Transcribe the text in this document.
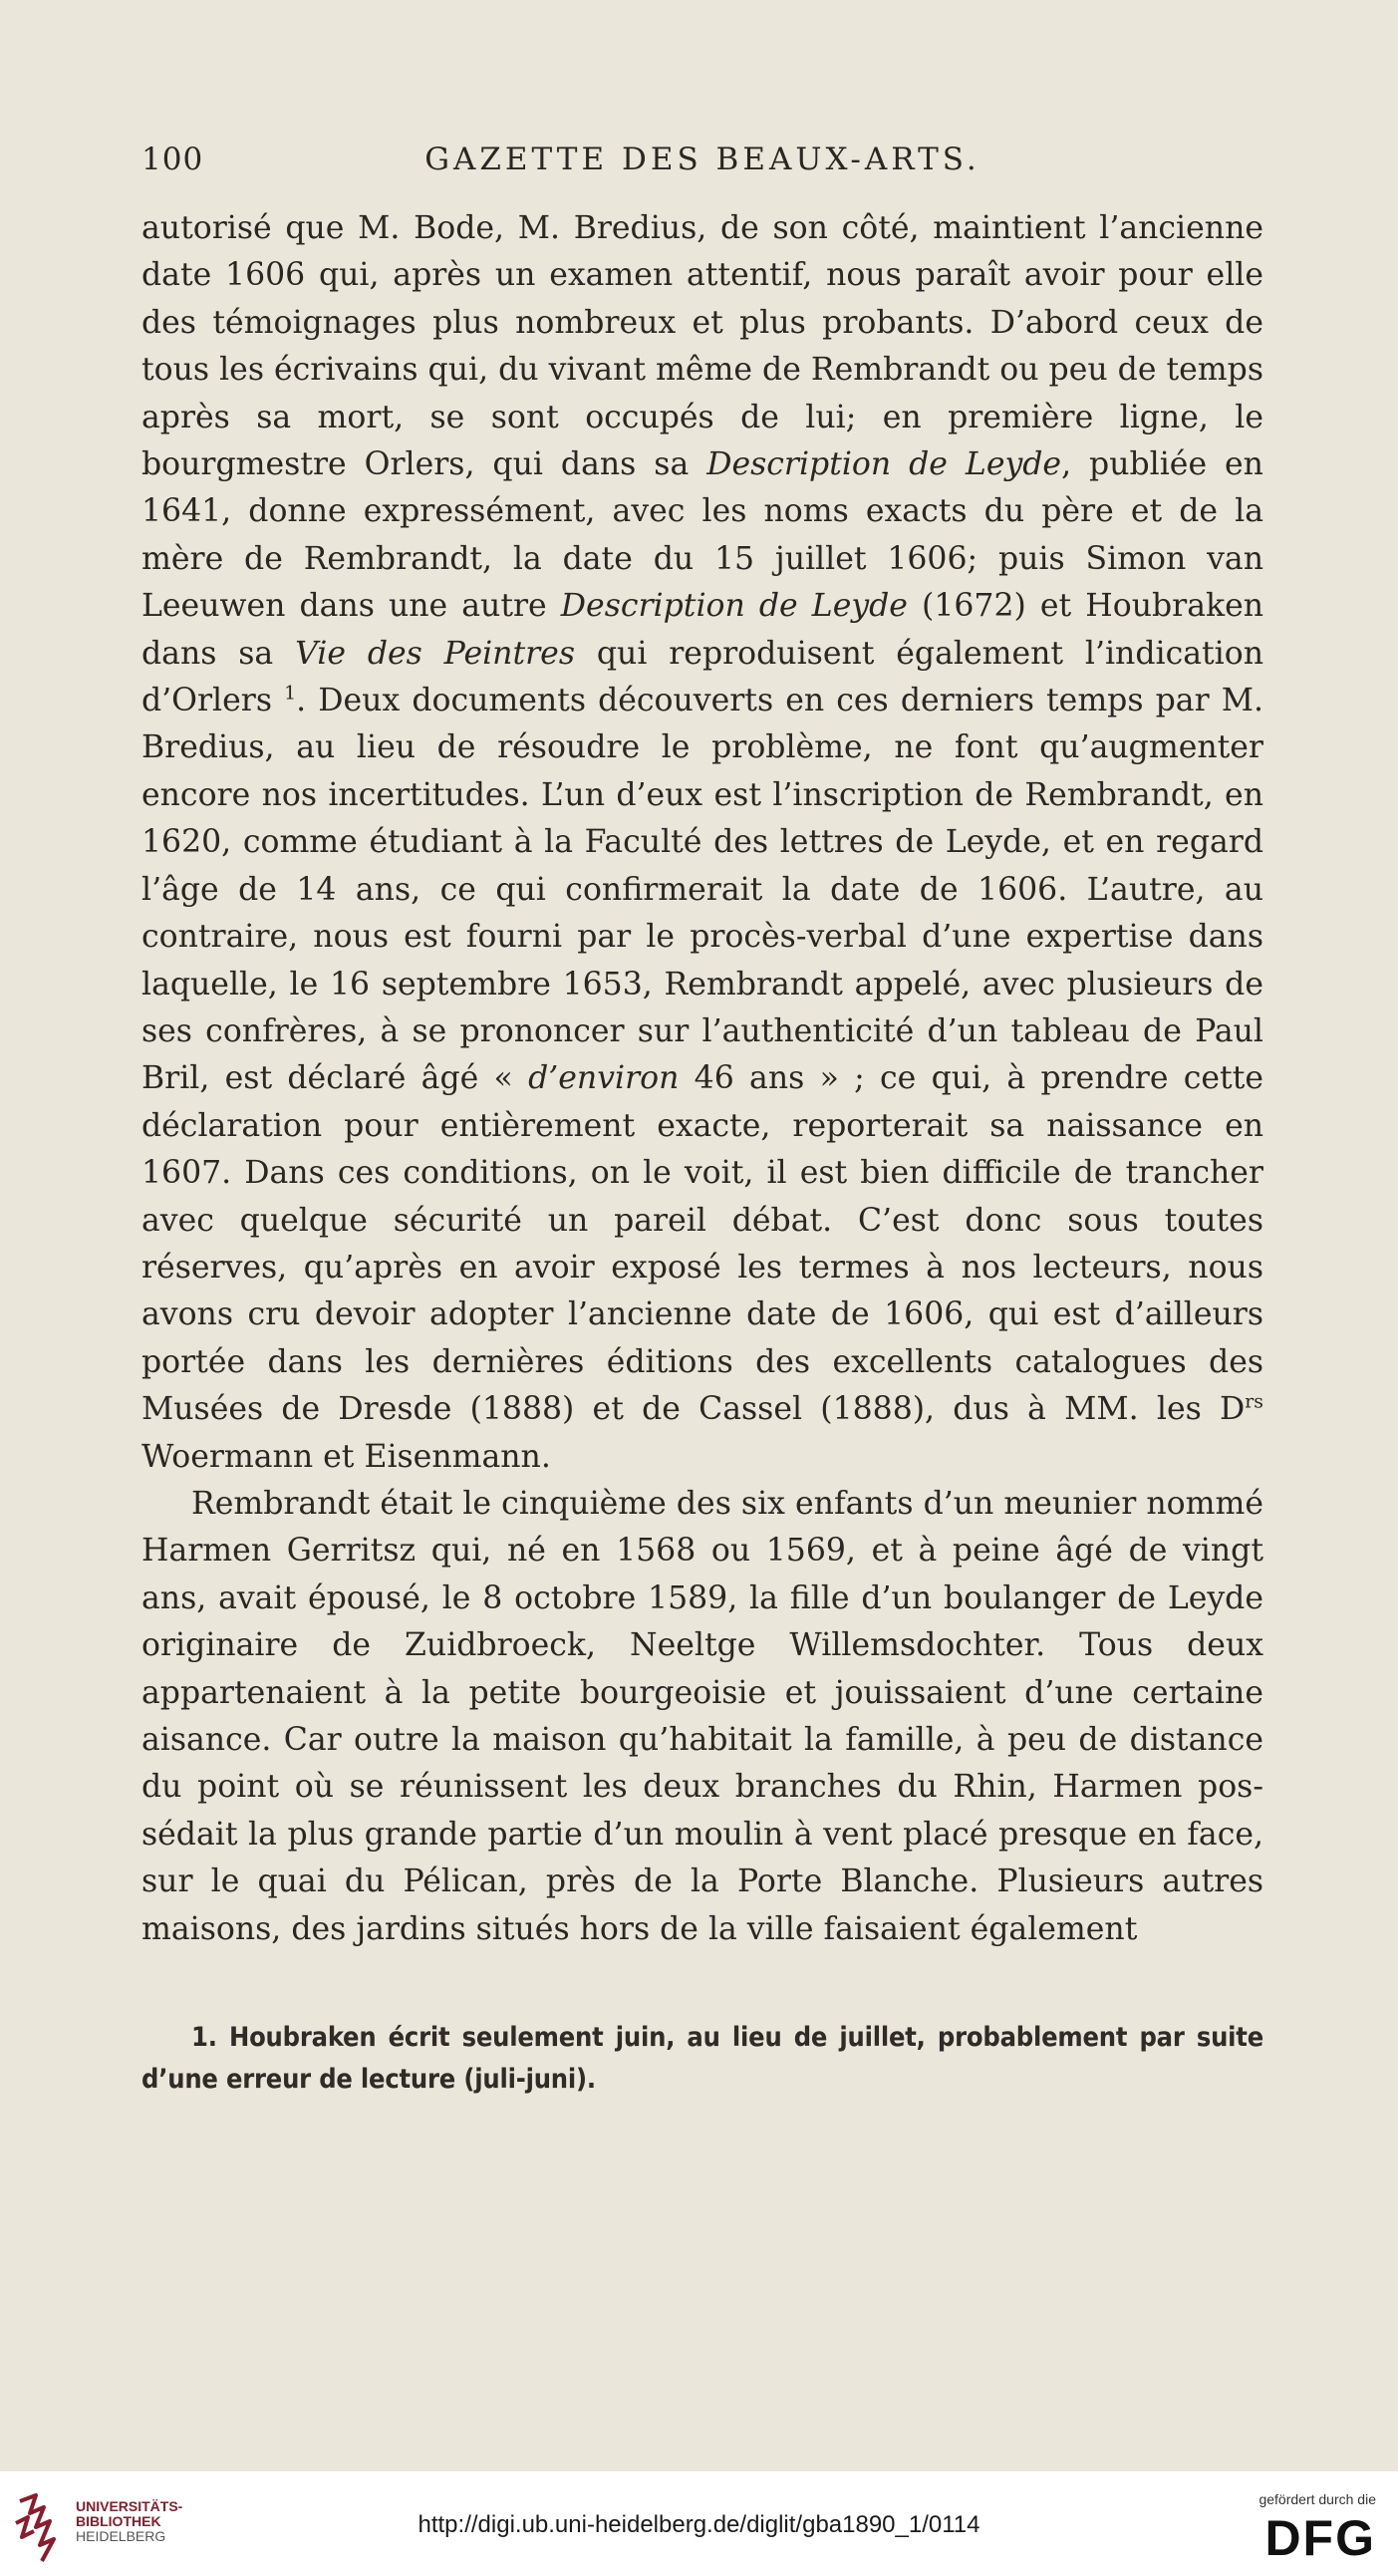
100	GAZETTE DES BEAUX-ARTS.

autorisé que M. Bode, M. Bredius, de son côté, maintient l’ancienne date 1606 qui, après un examen attentif, nous paraît avoir pour elle des témoignages plus nombreux et plus probants. D’abord ceux de tous les écrivains qui, du vivant même de Rembrandt ou peu de temps après sa mort, se sont occupés de lui; en première ligne, le bourgmestre Orlers, qui dans sa Description de Leyde, publiée en 1641, donne expressément, avec les noms exacts du père et de la mère de Rembrandt, la date du 15 juillet 1606; puis Simon van Leeuwen dans une autre Description de Leyde (1672) et Houbraken dans sa Vie des Peintres qui reproduisent également l’indication d’Orlers $^1$. Deux documents découverts en ces derniers temps par M. Bredius, au lieu de résoudre le problème, ne font qu’augmenter encore nos incertitudes. L’un d’eux est l’inscription de Rembrandt, en 1620, comme étudiant à la Faculté des lettres de Leyde, et en regard l’âge de 14 ans, ce qui confirmerait la date de 1606. L’autre, au contraire, nous est fourni par le procès-verbal d’une expertise dans laquelle, le 16 septembre 1653, Rembrandt appelé, avec plusieurs de ses confrères, à se prononcer sur l’authenticité d’un tableau de Paul Bril, est déclaré âgé « d’environ 46 ans » ; ce qui, à prendre cette déclaration pour entièrement exacte, reporterait sa naissance en 1607. Dans ces conditions, on le voit, il est bien difficile de trancher avec quelque sécurité un pareil débat. C’est donc sous toutes réserves, qu’après en avoir exposé les termes à nos lecteurs, nous avons cru devoir adopter l’ancienne date de 1606, qui est d’ailleurs portée dans les dernières éditions des excellents catalogues des Musées de Dresde (1888) et de Cassel (1888), dus à MM. les $D^{rs}$ Woermann et Eisenmann.

Rembrandt était le cinquième des six enfants d’un meunier nommé Harmen Gerritsz qui, né en 1568 ou 1569, et à peine âgé de vingt ans, avait épousé, le 8 octobre 1589, la fille d’un boulanger de Leyde originaire de Zuidbroeck, Neeltge Willemsdochter. Tous deux appartenaient à la petite bourgeoisie et jouissaient d’une certaine aisance. Car outre la maison qu’habitait la famille, à peu de distance du point où se réunissent les deux branches du Rhin, Harmen possédait la plus grande partie d’un moulin à vent placé presque en face, sur le quai du Pélican, près de la Porte Blanche. Plusieurs autres maisons, des jardins situés hors de la ville faisaient également

1. Houbraken écrit seulement juin, au lieu de juillet, probablement par suite d’une erreur de lecture (juli-juni).

UNIVERSITÄTS-
BIBLIOTHEK
HEIDELBERG	http://digi.ub.uni-heidelberg.de/diglit/gba1890_1/0114
gefördert durch die
DFG
